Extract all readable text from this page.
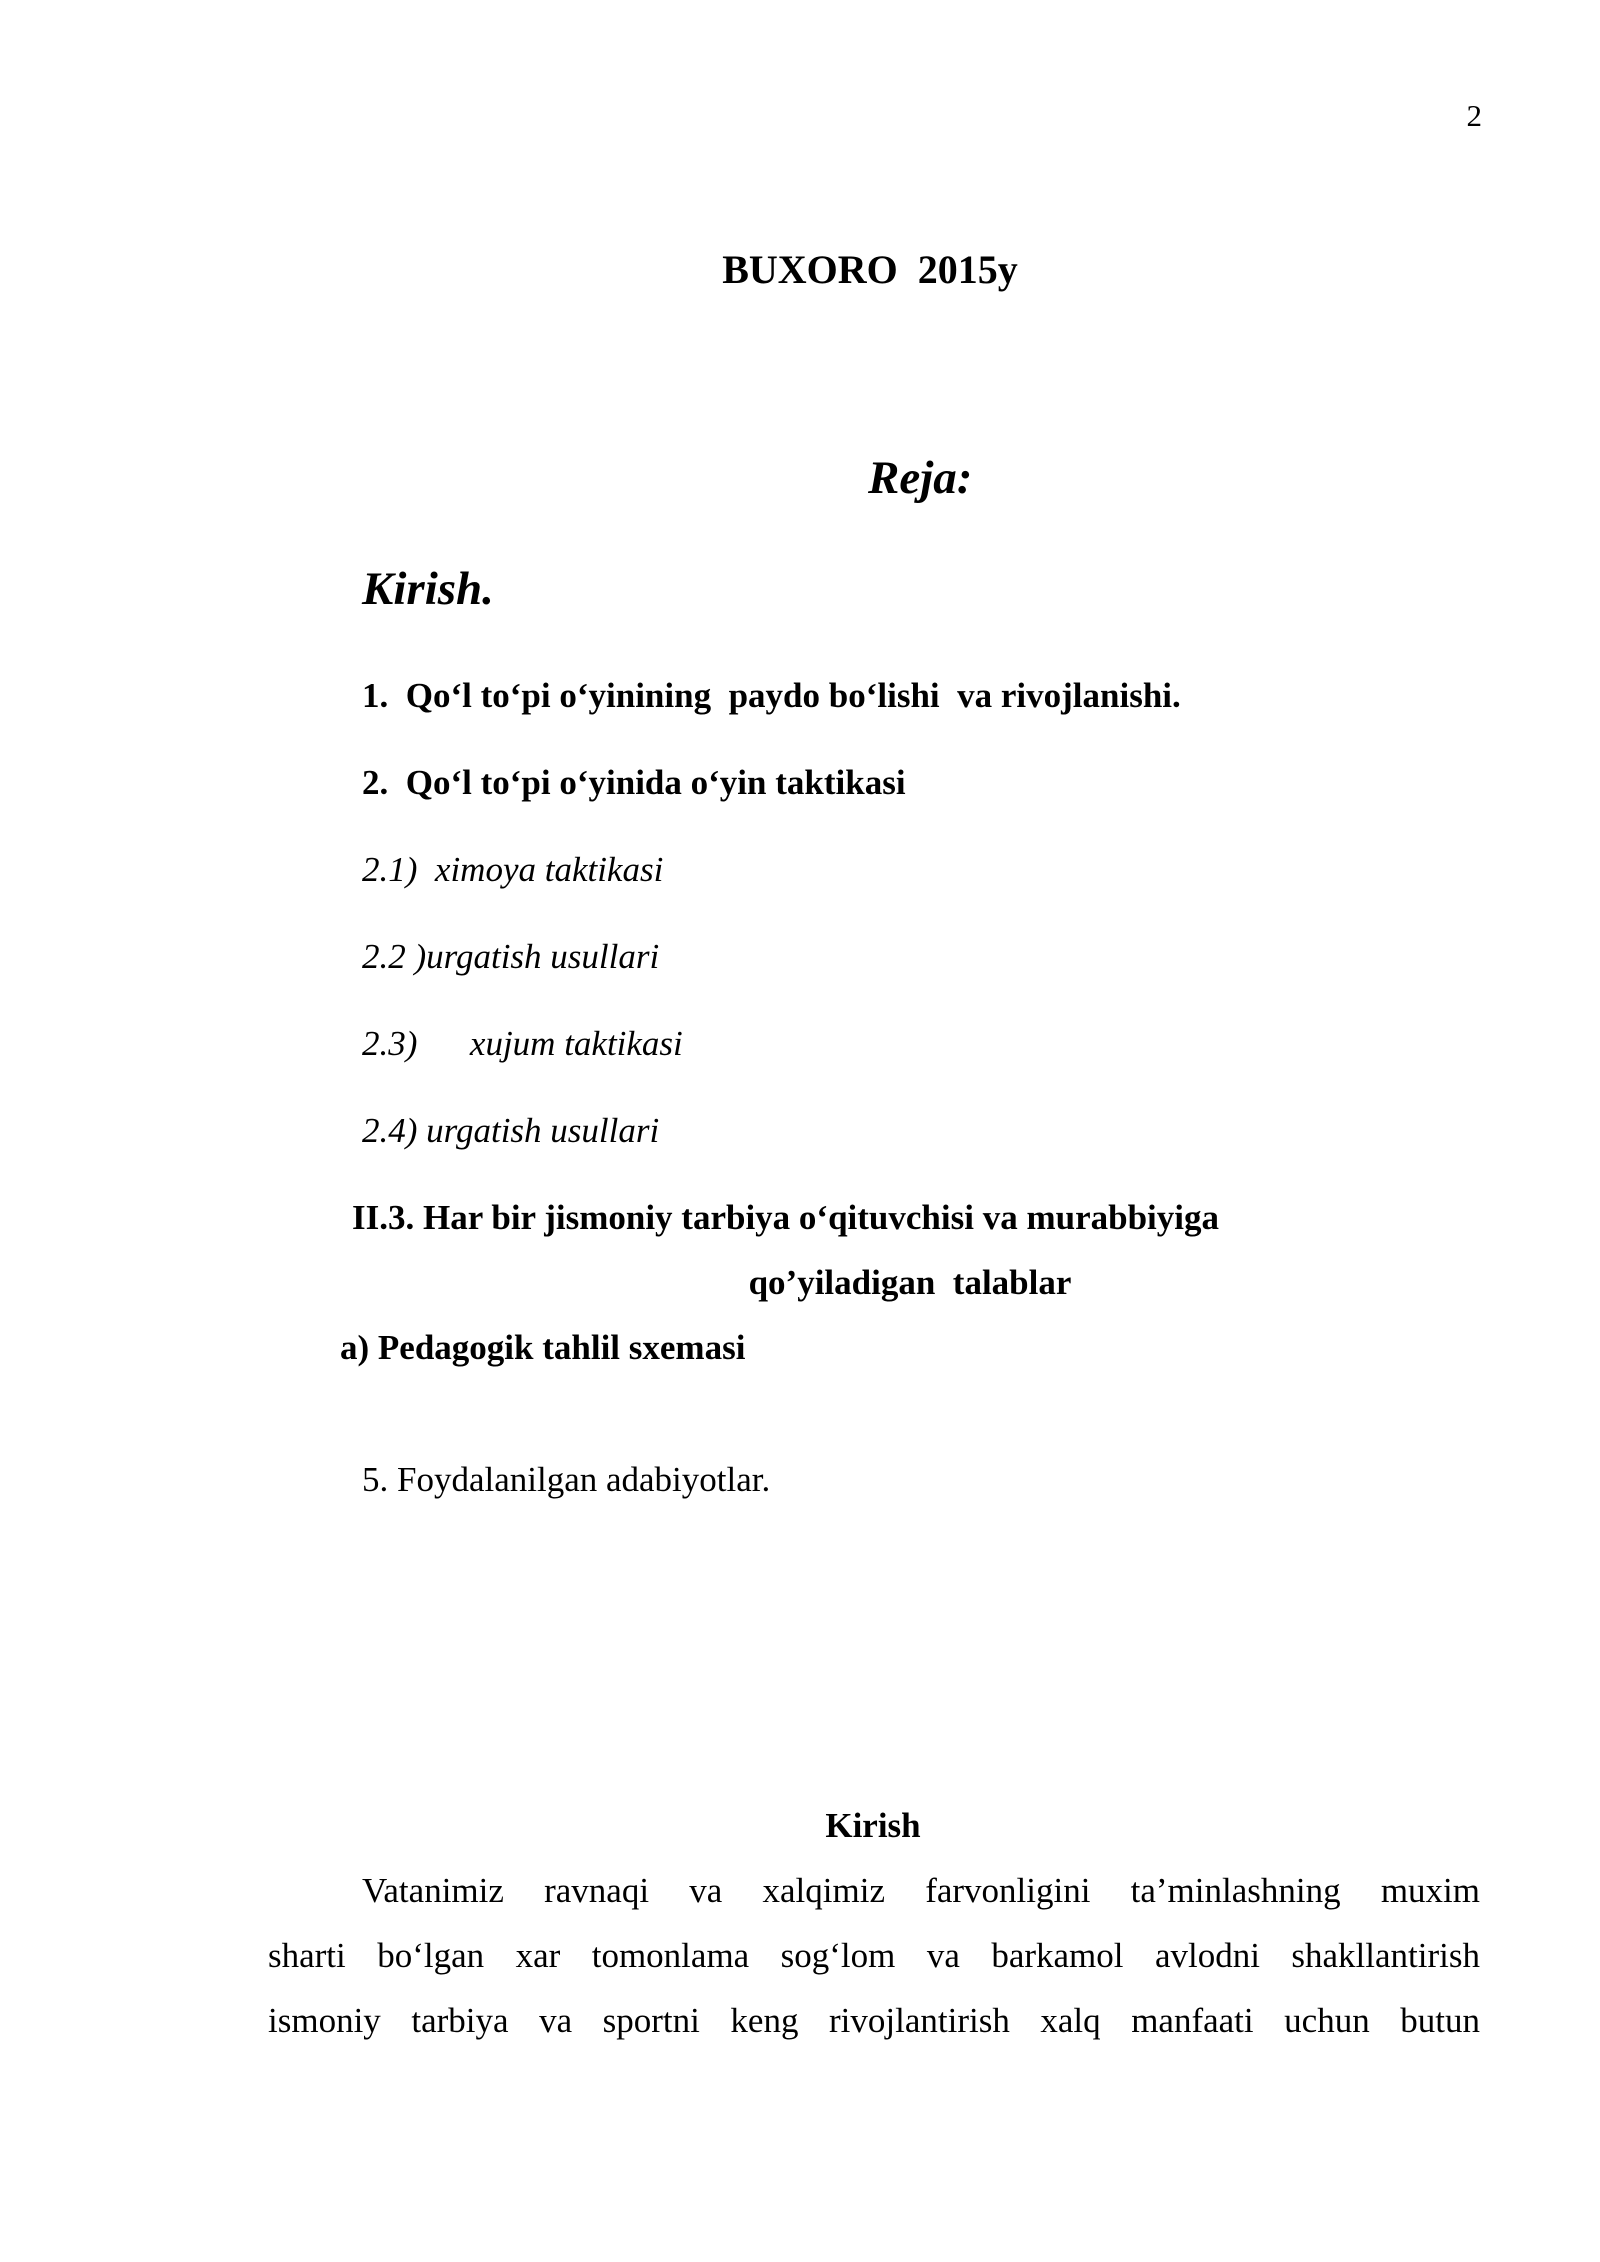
2
BUXORO  2015y
Reja:
Kirish.
1.  Qo‘l to‘pi o‘yinining  paydo bo‘lishi  va rivojlanishi.
2.  Qo‘l to‘pi o‘yinida o‘yin taktikasi
2.1)  ximoya taktikasi
2.2 )urgatish usullari
2.3)      xujum taktikasi
2.4) urgatish usullari
II.3. Har bir jismoniy tarbiya o‘qituvchisi va murabbiyiga
qo’yiladigan  talablar
a) Pedagogik tahlil sxemasi
5. Foydalanilgan adabiyotlar.
Kirish
Vatanimiz ravnaqi va xalqimiz farvonligini ta’minlashning muxim
sharti bo‘lgan xar tomonlama sog‘lom va barkamol avlodni shakllantirish
ismoniy tarbiya va sportni keng rivojlantirish xalq manfaati uchun butun
